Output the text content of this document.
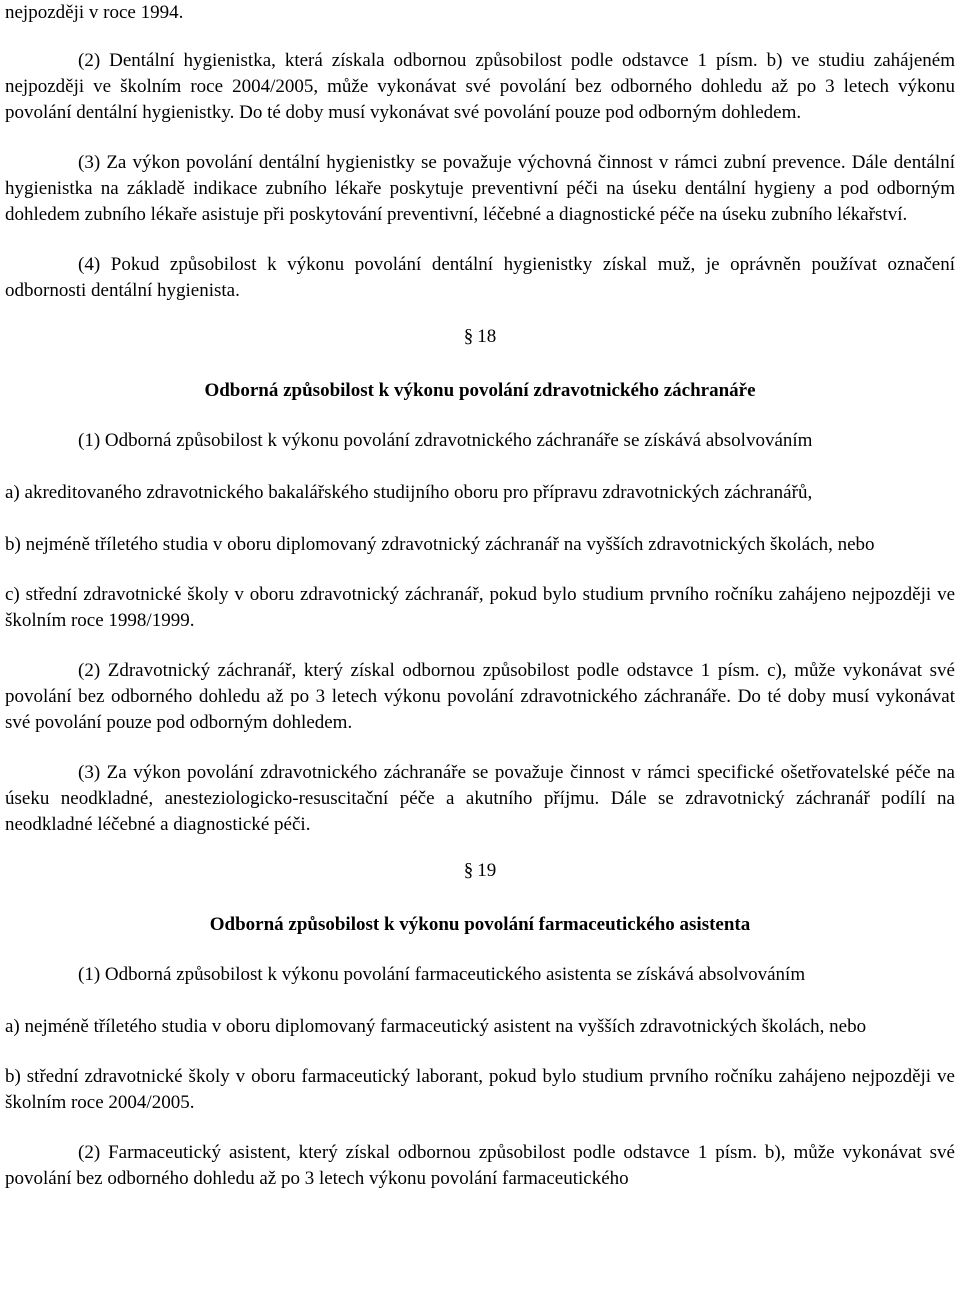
nejpozději v roce 1994.

(2) Dentální hygienistka, která získala odbornou způsobilost podle odstavce 1 písm. b) ve studiu zahájeném nejpozději ve školním roce 2004/2005, může vykonávat své povolání bez odborného dohledu až po 3 letech výkonu povolání dentální hygienistky. Do té doby musí vykonávat své povolání pouze pod odborným dohledem.

(3) Za výkon povolání dentální hygienistky se považuje výchovná činnost v rámci zubní prevence. Dále dentální hygienistka na základě indikace zubního lékaře poskytuje preventivní péči na úseku dentální hygieny a pod odborným dohledem zubního lékaře asistuje při poskytování preventivní, léčebné a diagnostické péče na úseku zubního lékařství.

(4) Pokud způsobilost k výkonu povolání dentální hygienistky získal muž, je oprávněn používat označení odbornosti dentální hygienista.

§ 18
Odborná způsobilost k výkonu povolání zdravotnického záchranáře

(1) Odborná způsobilost k výkonu povolání zdravotnického záchranáře se získává absolvováním

a) akreditovaného zdravotnického bakalářského studijního oboru pro přípravu zdravotnických záchranářů,

b) nejméně tříletého studia v oboru diplomovaný zdravotnický záchranář na vyšších zdravotnických školách, nebo

c) střední zdravotnické školy v oboru zdravotnický záchranář, pokud bylo studium prvního ročníku zahájeno nejpozději ve školním roce 1998/1999.

(2) Zdravotnický záchranář, který získal odbornou způsobilost podle odstavce 1 písm. c), může vykonávat své povolání bez odborného dohledu až po 3 letech výkonu povolání zdravotnického záchranáře. Do té doby musí vykonávat své povolání pouze pod odborným dohledem.

(3) Za výkon povolání zdravotnického záchranáře se považuje činnost v rámci specifické ošetřovatelské péče na úseku neodkladné, anesteziologicko-resuscitační péče a akutního příjmu. Dále se zdravotnický záchranář podílí na neodkladné léčebné a diagnostické péči.

§ 19
Odborná způsobilost k výkonu povolání farmaceutického asistenta

(1) Odborná způsobilost k výkonu povolání farmaceutického asistenta se získává absolvováním

a) nejméně tříletého studia v oboru diplomovaný farmaceutický asistent na vyšších zdravotnických školách, nebo

b) střední zdravotnické školy v oboru farmaceutický laborant, pokud bylo studium prvního ročníku zahájeno nejpozději ve školním roce 2004/2005.

(2) Farmaceutický asistent, který získal odbornou způsobilost podle odstavce 1 písm. b), může vykonávat své povolání bez odborného dohledu až po 3 letech výkonu povolání farmaceutického
